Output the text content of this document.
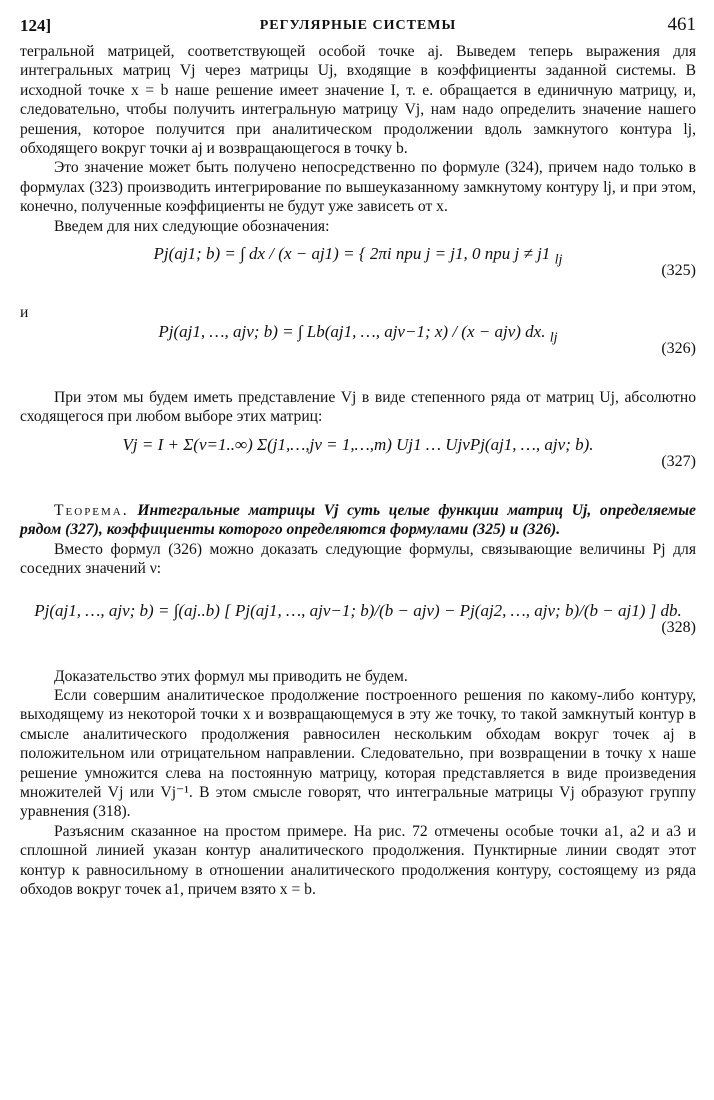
124]	РЕГУЛЯРНЫЕ СИСТЕМЫ	461

тегральной матрицей, соответствующей особой точке aj. Выведем теперь выражения для интегральных матриц Vj через матрицы Uj, входящие в коэффициенты заданной системы. В исходной точке x = b наше решение имеет значение I, т. е. обращается в единичную матрицу, и, следовательно, чтобы получить интегральную матрицу Vj, нам надо определить значение нашего решения, которое получится при аналитическом продолжении вдоль замкнутого контура lj, обходящего вокруг точки aj и возвращающегося в точку b.

Это значение может быть получено непосредственно по формуле (324), причем надо только в формулах (323) производить интегрирование по вышеуказанному замкнутому контуру lj, и при этом, конечно, полученные коэффициенты не будут уже зависеть от x.

Введем для них следующие обозначения:

Pj(aj1; b) = ∫ dx / (x − aj1) = { 2πi при j = j1, 0 при j ≠ j1 $_{lj}$
(325)
и
Pj(aj1, …, ajν; b) = ∫ Lb(aj1, …, ajν−1; x) / (x − ajν) dx. $_{lj}$
(326)

При этом мы будем иметь представление Vj в виде степенного ряда от матриц Uj, абсолютно сходящегося при любом выборе этих матриц:

Vj = I + Σ(ν=1..∞) Σ(j1,…,jν = 1,…,m) Uj1 … UjνPj(aj1, …, ajν; b).
(327)

Теорема. Интегральные матрицы Vj суть целые функции матриц Uj, определяемые рядом (327), коэффициенты которого определяются формулами (325) и (326).

Вместо формул (326) можно доказать следующие формулы, связывающие величины Pj для соседних значений ν:

Pj(aj1, …, ajν; b) = ∫(aj..b) [ Pj(aj1, …, ajν−1; b)/(b − ajν) − Pj(aj2, …, ajν; b)/(b − aj1) ] db.
(328)

Доказательство этих формул мы приводить не будем.

Если совершим аналитическое продолжение построенного решения по какому-либо контуру, выходящему из некоторой точки x и возвращающемуся в эту же точку, то такой замкнутый контур в смысле аналитического продолжения равносилен нескольким обходам вокруг точек aj в положительном или отрицательном направлении. Следовательно, при возвращении в точку x наше решение умножится слева на постоянную матрицу, которая представляется в виде произведения множителей Vj или Vj⁻¹. В этом смысле говорят, что интегральные матрицы Vj образуют группу уравнения (318).

Разъясним сказанное на простом примере. На рис. 72 отмечены особые точки a1, a2 и a3 и сплошной линией указан контур аналитического продолжения. Пунктирные линии сводят этот контур к равносильному в отношении аналитического продолжения контуру, состоящему из ряда обходов вокруг точек a1, причем взято x = b.
